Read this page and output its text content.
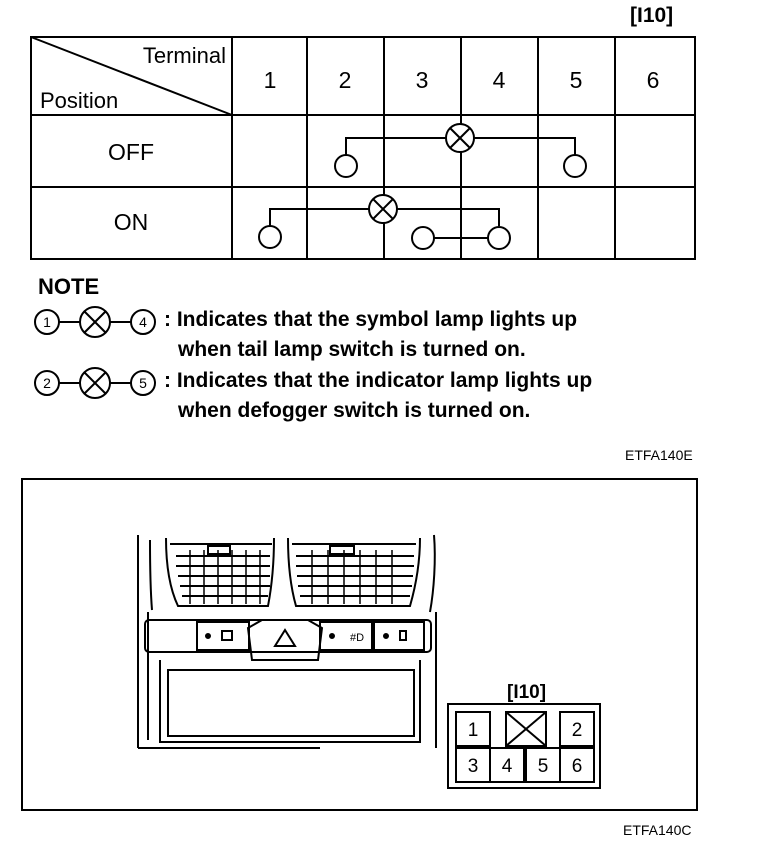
[I10]
Terminal
Position
1	2	3	4	5	6
OFF
ON
1	4
2	5
#D
1	2
3 4 5 6
NOTE
: Indicates that the symbol lamp lights up
when tail lamp switch is turned on.
: Indicates that the indicator lamp lights up
when defogger switch is turned on.
ETFA140E
[I10]
ETFA140C
